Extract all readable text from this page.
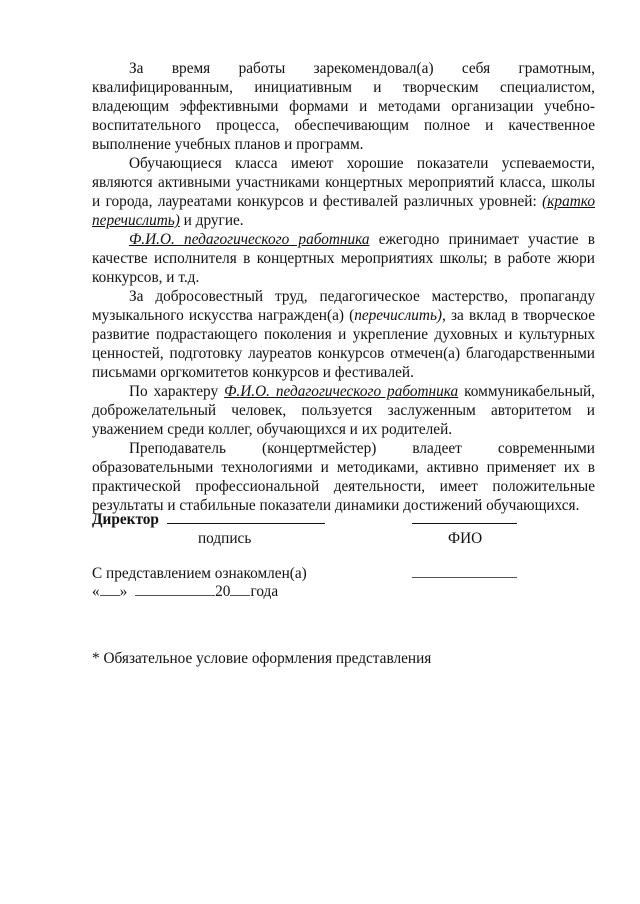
За время работы зарекомендовал(а) себя грамотным, квалифицированным, инициативным и творческим специалистом, владеющим эффективными формами и методами организации учебно-воспитательного процесса, обеспечивающим полное и качественное выполнение учебных планов и программ.

Обучающиеся класса имеют хорошие показатели успеваемости, являются активными участниками концертных мероприятий класса, школы и города, лауреатами конкурсов и фестивалей различных уровней: (кратко перечислить) и другие.

Ф.И.О. педагогического работника ежегодно принимает участие в качестве исполнителя в концертных мероприятиях школы; в работе жюри конкурсов, и т.д.

За добросовестный труд, педагогическое мастерство, пропаганду музыкального искусства награжден(а) (перечислить), за вклад в творческое развитие подрастающего поколения и укрепление духовных и культурных ценностей, подготовку лауреатов конкурсов отмечен(а) благодарственными письмами оргкомитетов конкурсов и фестивалей.

По характеру Ф.И.О. педагогического работника коммуникабельный, доброжелательный человек, пользуется заслуженным авторитетом и уважением среди коллег, обучающихся и их родителей.

Преподаватель (концертмейстер) владеет современными образовательными технологиями и методиками, активно применяет их в практической профессиональной деятельности, имеет положительные результаты и стабильные показатели динамики достижений обучающихся.

Директор
подпись	ФИО
С представлением ознакомлен(а)
« »	20 года
* Обязательное условие оформления представления
